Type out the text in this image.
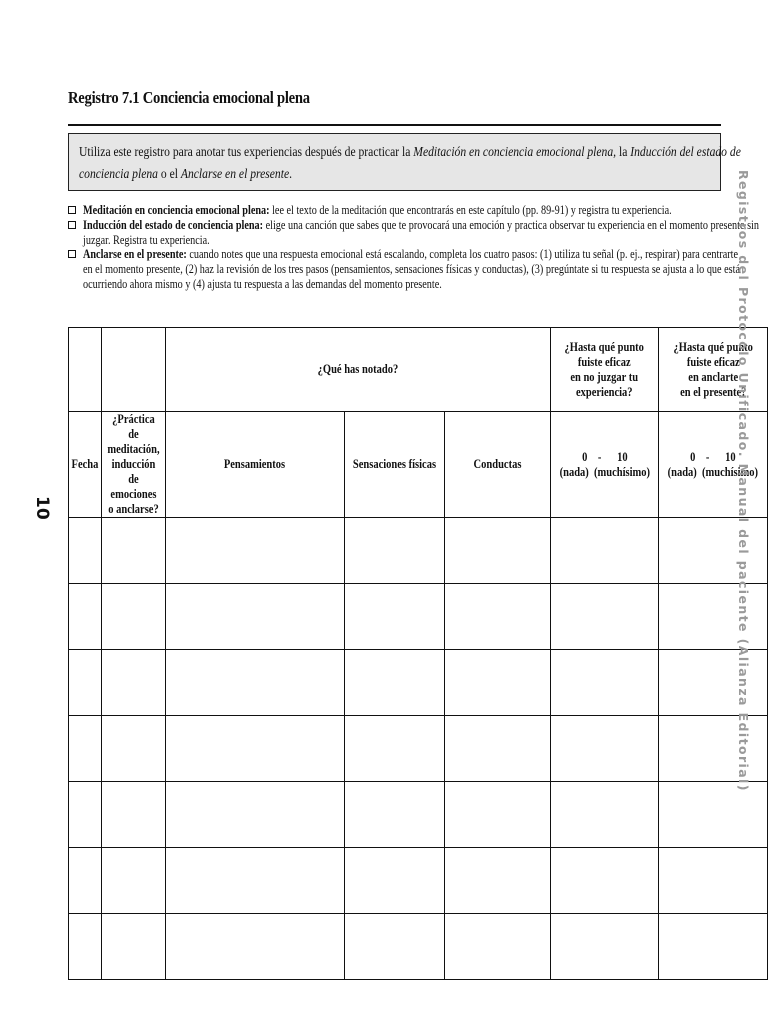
Registro 7.1 Conciencia emocional plena
Utiliza este registro para anotar tus experiencias después de practicar la Meditación en conciencia emocional plena, la Inducción del estado de
conciencia plena o el Anclarse en el presente.
Meditación en conciencia emocional plena: lee el texto de la meditación que encontrarás en este capítulo (pp. 89-91) y registra tu experiencia.
Inducción del estado de conciencia plena: elige una canción que sabes que te provocará una emoción y practica observar tu experiencia en el momento presente sin
juzgar. Registra tu experiencia.
Anclarse en el presente: cuando notes que una respuesta emocional está escalando, completa los cuatro pasos: (1) utiliza tu señal (p. ej., respirar) para centrarte
en el momento presente, (2) haz la revisión de los tres pasos (pensamientos, sensaciones físicas y conductas), (3) pregúntate si tu respuesta se ajusta a lo que está
ocurriendo ahora mismo y (4) ajusta tu respuesta a las demandas del momento presente.
		¿Qué has notado?			¿Hasta qué punto
fuiste eficaz
en no juzgar tu
experiencia?	¿Hasta qué punto
fuiste eficaz
en anclarte
en el presente?
Fecha	¿Práctica de
meditación,
inducción de
emociones
o anclarse?	Pensamientos	Sensaciones físicas	Conductas	0    -      10
(nada)  (muchísimo)	0    -      10
(nada)  (muchísimo)

Registros del Protocolo Unificado. Manual del paciente (Alianza Editorial)
10
